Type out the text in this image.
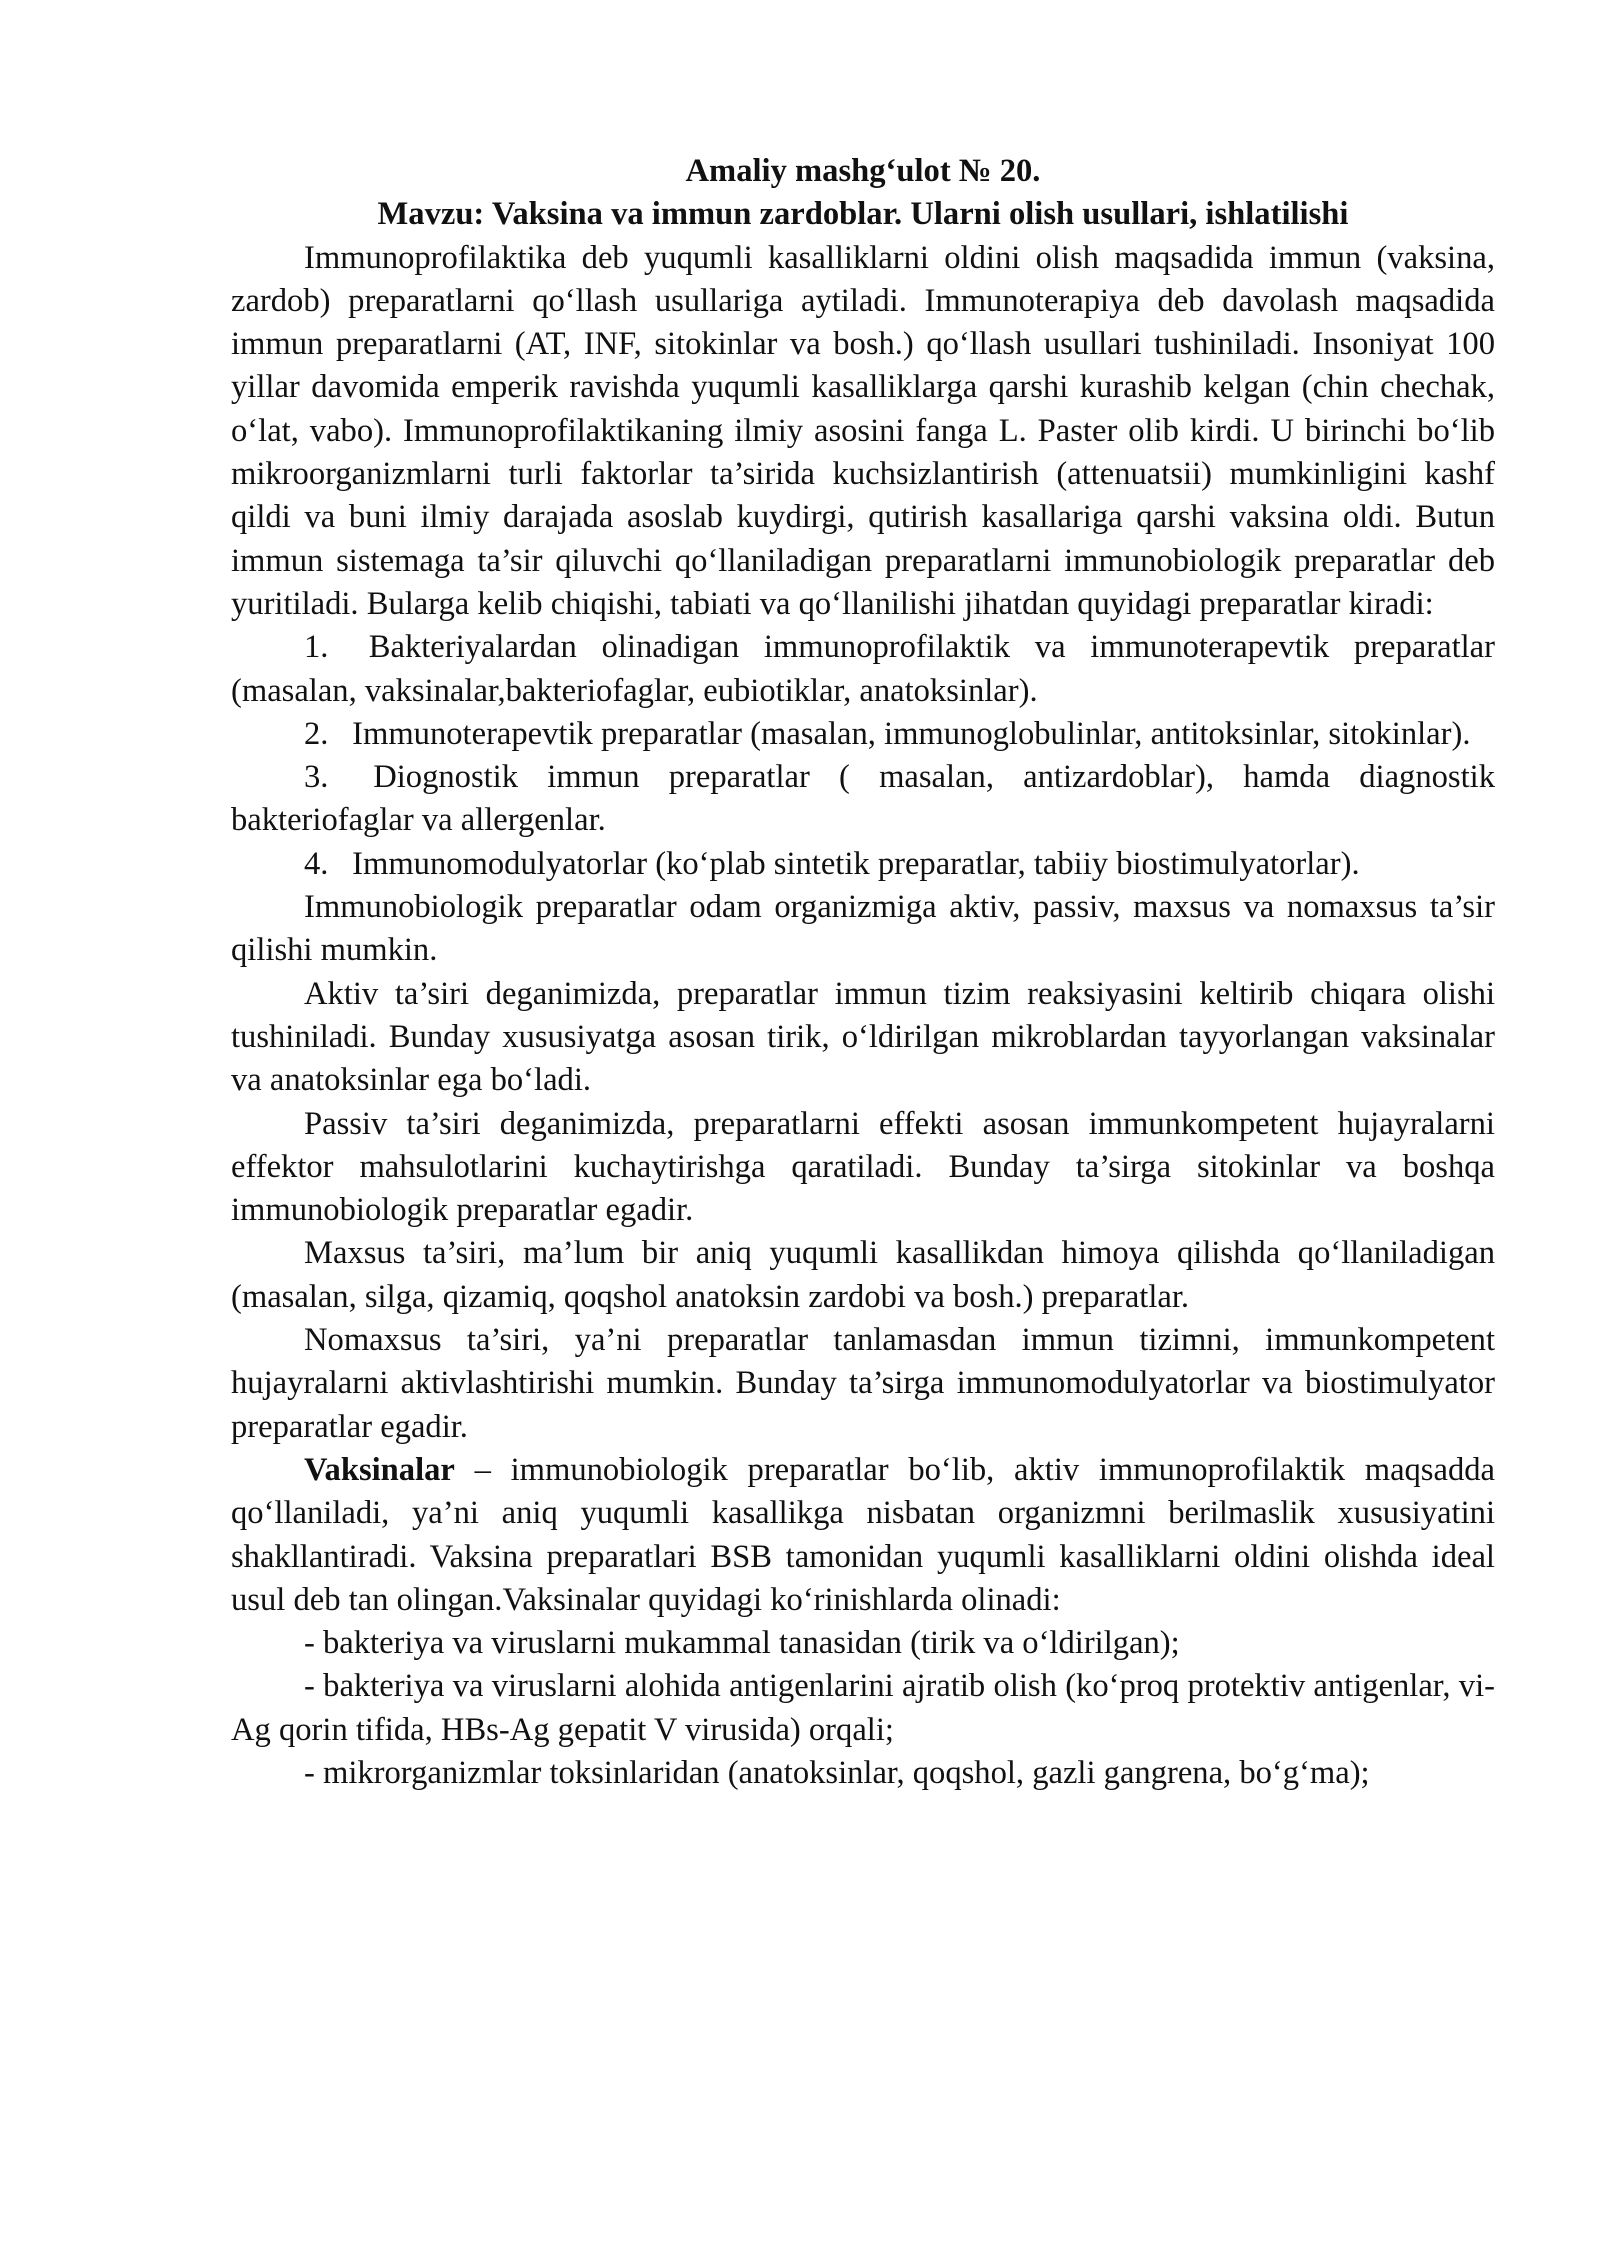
Amaliy mashg‘ulot № 20.

Mavzu: Vaksina va immun zardoblar. Ularni olish usullari, ishlatilishi

Immunoprofilaktika deb yuqumli kasalliklarni oldini olish maqsadida immun (vaksina, zardob) preparatlarni qo‘llash usullariga aytiladi. Immunoterapiya deb davolash maqsadida immun preparatlarni (AT, INF, sitokinlar va bosh.) qo‘llash usullari tushiniladi. Insoniyat 100 yillar davomida emperik ravishda yuqumli kasalliklarga qarshi kurashib kelgan (chin chechak, o‘lat, vabo). Immunoprofilaktikaning ilmiy asosini fanga L. Paster olib kirdi. U birinchi bo‘lib mikroorganizmlarni turli faktorlar ta’sirida kuchsizlantirish (attenuatsii) mumkinligini kashf qildi va buni ilmiy darajada asoslab kuydirgi, qutirish kasallariga qarshi vaksina oldi. Butun immun sistemaga ta’sir qiluvchi qo‘llaniladigan preparatlarni immunobiologik preparatlar deb yuritiladi. Bularga kelib chiqishi, tabiati va qo‘llanilishi jihatdan quyidagi preparatlar kiradi:

1. Bakteriyalardan olinadigan immunoprofilaktik va immunoterapevtik preparatlar (masalan, vaksinalar,bakteriofaglar, eubiotiklar, anatoksinlar).

2. Immunoterapevtik preparatlar (masalan, immunoglobulinlar, antitoksinlar, sitokinlar).

3. Diognostik immun preparatlar ( masalan, antizardoblar), hamda diagnostik bakteriofaglar va allergenlar.

4. Immunomodulyatorlar (ko‘plab sintetik preparatlar, tabiiy biostimulyatorlar).

Immunobiologik preparatlar odam organizmiga aktiv, passiv, maxsus va nomaxsus ta’sir qilishi mumkin.

Aktiv ta’siri deganimizda, preparatlar immun tizim reaksiyasini keltirib chiqara olishi tushiniladi. Bunday xususiyatga asosan tirik, o‘ldirilgan mikroblardan tayyorlangan vaksinalar va anatoksinlar ega bo‘ladi.

Passiv ta’siri deganimizda, preparatlarni effekti asosan immunkompetent hujayralarni effektor mahsulotlarini kuchaytirishga qaratiladi. Bunday ta’sirga sitokinlar va boshqa immunobiologik preparatlar egadir.

Maxsus ta’siri, ma’lum bir aniq yuqumli kasallikdan himoya qilishda qo‘llaniladigan (masalan, silga, qizamiq, qoqshol anatoksin zardobi va bosh.) preparatlar.

Nomaxsus ta’siri, ya’ni preparatlar tanlamasdan immun tizimni, immunkompetent hujayralarni aktivlashtirishi mumkin. Bunday ta’sirga immunomodulyatorlar va biostimulyator preparatlar egadir.

Vaksinalar – immunobiologik preparatlar bo‘lib, aktiv immunoprofilaktik maqsadda qo‘llaniladi, ya’ni aniq yuqumli kasallikga nisbatan organizmni berilmaslik xususiyatini shakllantiradi. Vaksina preparatlari BSB tamonidan yuqumli kasalliklarni oldini olishda ideal usul deb tan olingan.Vaksinalar quyidagi ko‘rinishlarda olinadi:

- bakteriya va viruslarni mukammal tanasidan (tirik va o‘ldirilgan);

- bakteriya va viruslarni alohida antigenlarini ajratib olish (ko‘proq protektiv antigenlar, vi-Ag qorin tifida, HBs-Ag gepatit V virusida) orqali;

- mikrorganizmlar toksinlaridan (anatoksinlar, qoqshol, gazli gangrena, bo‘g‘ma);
